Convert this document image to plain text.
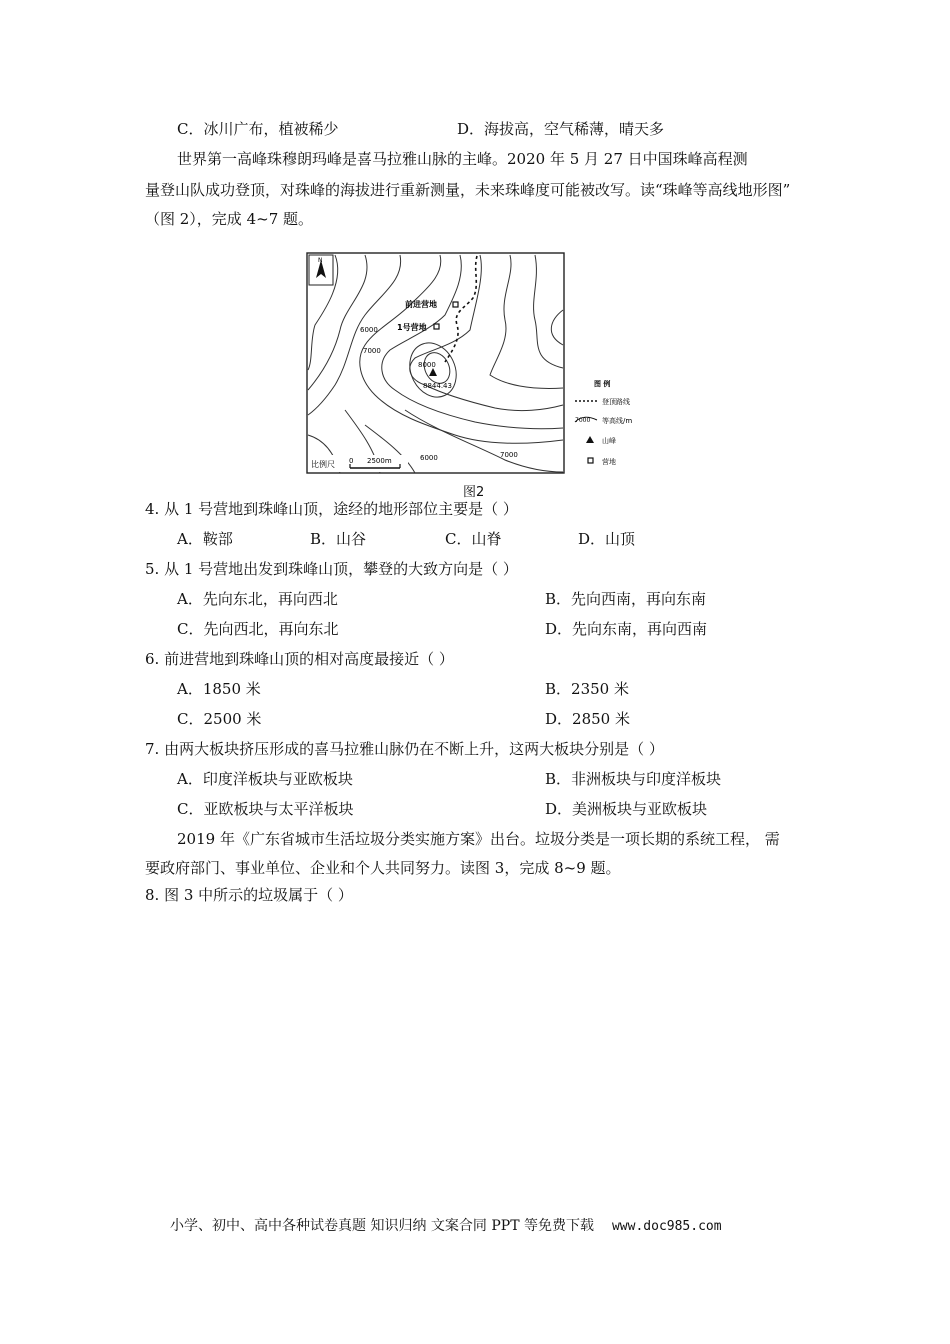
C．冰川广布，植被稀少	D．海拔高，空气稀薄，晴天多
世界第一高峰珠穆朗玛峰是喜马拉雅山脉的主峰。2020 年 5 月 27 日中国珠峰高程测
量登山队成功登顶，对珠峰的海拔进行重新测量，未来珠峰度可能被改写。读“珠峰等高线地形图”
（图 2），完成 4~7 题。
N
前进营地
1号营地
8000
8844.43
6000
7000
6000	7000
比例尺 0 2500m
图 例
登顶路线
7000 等高线/m
山峰
营地
图2
4. 从 1 号营地到珠峰山顶，途经的地形部位主要是（ ）
A．鞍部	B．山谷	C．山脊	D．山顶
5. 从 1 号营地出发到珠峰山顶，攀登的大致方向是（ ）
A．先向东北，再向西北	B．先向西南，再向东南
C．先向西北，再向东北	D．先向东南，再向西南
6. 前进营地到珠峰山顶的相对高度最接近（ ）
A．1850 米	B．2350 米
C．2500 米	D．2850 米
7. 由两大板块挤压形成的喜马拉雅山脉仍在不断上升，这两大板块分别是（ ）
A．印度洋板块与亚欧板块	B．非洲板块与印度洋板块
C．亚欧板块与太平洋板块	D．美洲板块与亚欧板块
2019 年《广东省城市生活垃圾分类实施方案》出台。垃圾分类是一项长期的系统工程， 需
要政府部门、事业单位、企业和个人共同努力。读图 3，完成 8~9 题。
8. 图 3 中所示的垃圾属于（ ）
小学、初中、高中各种试卷真题 知识归纳 文案合同 PPT 等免费下载 www.doc985.com
